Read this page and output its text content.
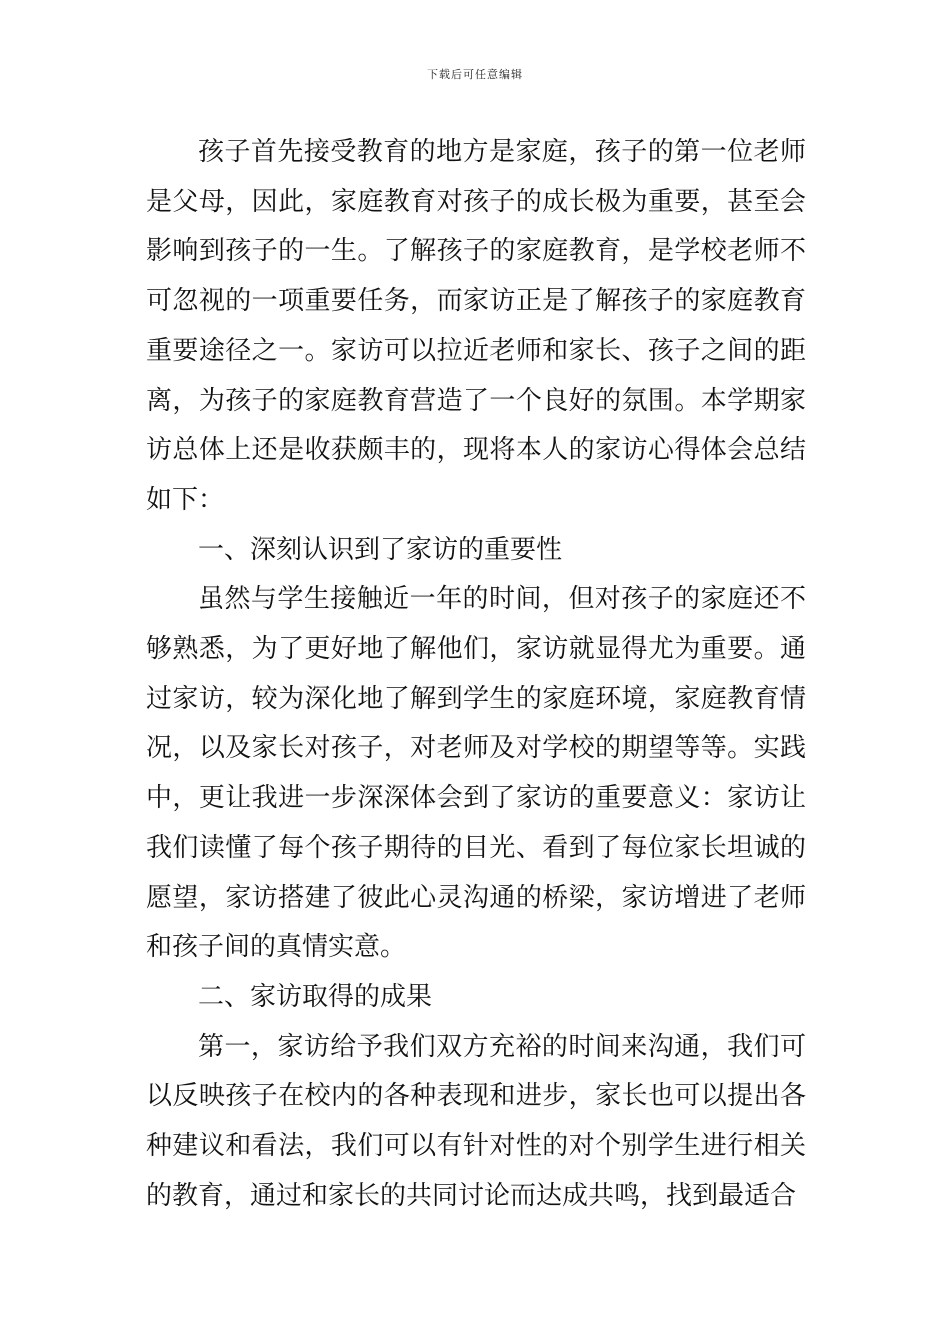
下载后可任意编辑

孩子首先接受教育的地方是家庭，孩子的第一位老师是父母，因此，家庭教育对孩子的成长极为重要，甚至会影响到孩子的一生。了解孩子的家庭教育，是学校老师不可忽视的一项重要任务，而家访正是了解孩子的家庭教育重要途径之一。家访可以拉近老师和家长、孩子之间的距离，为孩子的家庭教育营造了一个良好的氛围。本学期家访总体上还是收获颇丰的，现将本人的家访心得体会总结如下：

一、深刻认识到了家访的重要性

虽然与学生接触近一年的时间，但对孩子的家庭还不够熟悉，为了更好地了解他们，家访就显得尤为重要。通过家访，较为深化地了解到学生的家庭环境，家庭教育情况，以及家长对孩子，对老师及对学校的期望等等。实践中，更让我进一步深深体会到了家访的重要意义：家访让我们读懂了每个孩子期待的目光、看到了每位家长坦诚的愿望，家访搭建了彼此心灵沟通的桥梁，家访增进了老师和孩子间的真情实意。

二、家访取得的成果

第一，家访给予我们双方充裕的时间来沟通，我们可以反映孩子在校内的各种表现和进步，家长也可以提出各种建议和看法，我们可以有针对性的对个别学生进行相关的教育，通过和家长的共同讨论而达成共鸣，找到最适合
